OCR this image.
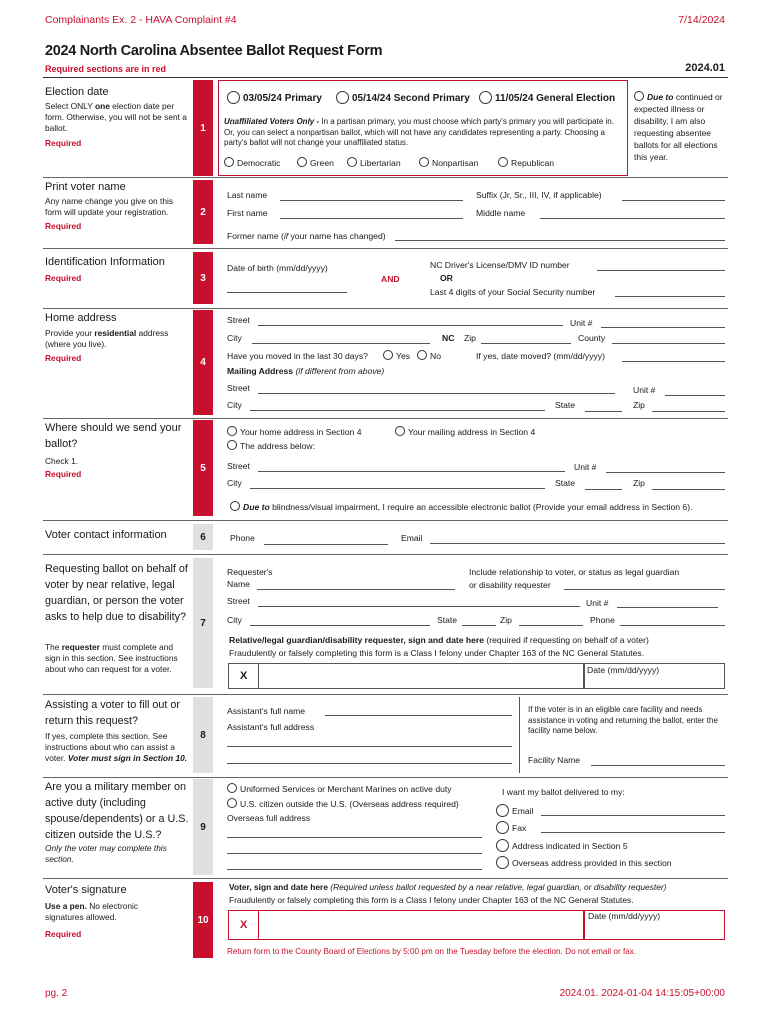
Complainants Ex. 2 - HAVA Complaint #4	7/14/2024
2024 North Carolina Absentee Ballot Request Form
Required sections are in red	2024.01
Election date
Select ONLY one election date per form. Otherwise, you will not be sent a ballot.
Required
1
03/05/24 Primary	05/14/24 Second Primary	11/05/24 General Election
Unaffiliated Voters Only - In a partisan primary, you must choose which party's primary you will participate in. Or, you can select a nonpartisan ballot, which will not have any candidates representing a party. Choosing a party's ballot will not change your unaffiliated status.
Democratic	Green	Libertarian	Nonpartisan	Republican
Due to continued or expected illness or disability, I am also requesting absentee ballots for all elections this year.
Print voter name
Any name change you give on this form will update your registration.
Required
2
Last name	Suffix (Jr, Sr., III, IV, if applicable)
First name	Middle name
Former name (if your name has changed)
Identification Information
Required	3
Date of birth (mm/dd/yyyy)
AND
NC Driver's License/DMV ID number
OR
Last 4 digits of your Social Security number
Home address
Provide your residential address (where you live).
Required	4
Street	Unit #
City	NC Zip	County
Have you moved in the last 30 days?	Yes	No	If yes, date moved? (mm/dd/yyyy)
Mailing Address (if different from above)
Street	Unit #
City	State	Zip
Where should we send your ballot?
Check 1.
Required
5
Your home address in Section 4	Your mailing address in Section 4
The address below:
Street	Unit #
City	State	Zip
Due to blindness/visual impairment, I require an accessible electronic ballot (Provide your email address in Section 6).
Voter contact information	6	Phone	Email
Requesting ballot on behalf of voter by near relative, legal guardian, or person the voter asks to help due to disability?
The requester must complete and sign in this section. See instructions about who can request for a voter.
7
Requester's
Name
Include relationship to voter, or status as legal guardian
or disability requester
Street	Unit #
City	State	Zip	Phone
Relative/legal guardian/disability requester, sign and date here (required if requesting on behalf of a voter)
Fraudulently or falsely completing this form is a Class I felony under Chapter 163 of the NC General Statutes.
X	Date (mm/dd/yyyy)
Assisting a voter to fill out or return this request?
If yes, complete this section. See instructions about who can assist a voter. Voter must sign in Section 10.
8
Assistant's full name
Assistant's full address
If the voter is in an eligible care facility and needs assistance in voting and returning the ballot, enter the facility name below.
Facility Name
Are you a military member on active duty (including spouse/dependents) or a U.S. citizen outside the U.S.?
Only the voter may complete this section.
9
Uniformed Services or Merchant Marines on active duty
U.S. citizen outside the U.S. (Overseas address required)
Overseas full address
I want my ballot delivered to my:
Email
Fax
Address indicated in Section 5
Overseas address provided in this section
Voter's signature
Use a pen. No electronic signatures allowed.
Required
10
Voter, sign and date here (Required unless ballot requested by a near relative, legal guardian, or disability requester)
Fraudulently or falsely completing this form is a Class I felony under Chapter 163 of the NC General Statutes.
X
Date (mm/dd/yyyy)
Return form to the County Board of Elections by 5:00 pm on the Tuesday before the election. Do not email or fax.
pg. 2	2024.01. 2024-01-04 14:15:05+00:00
